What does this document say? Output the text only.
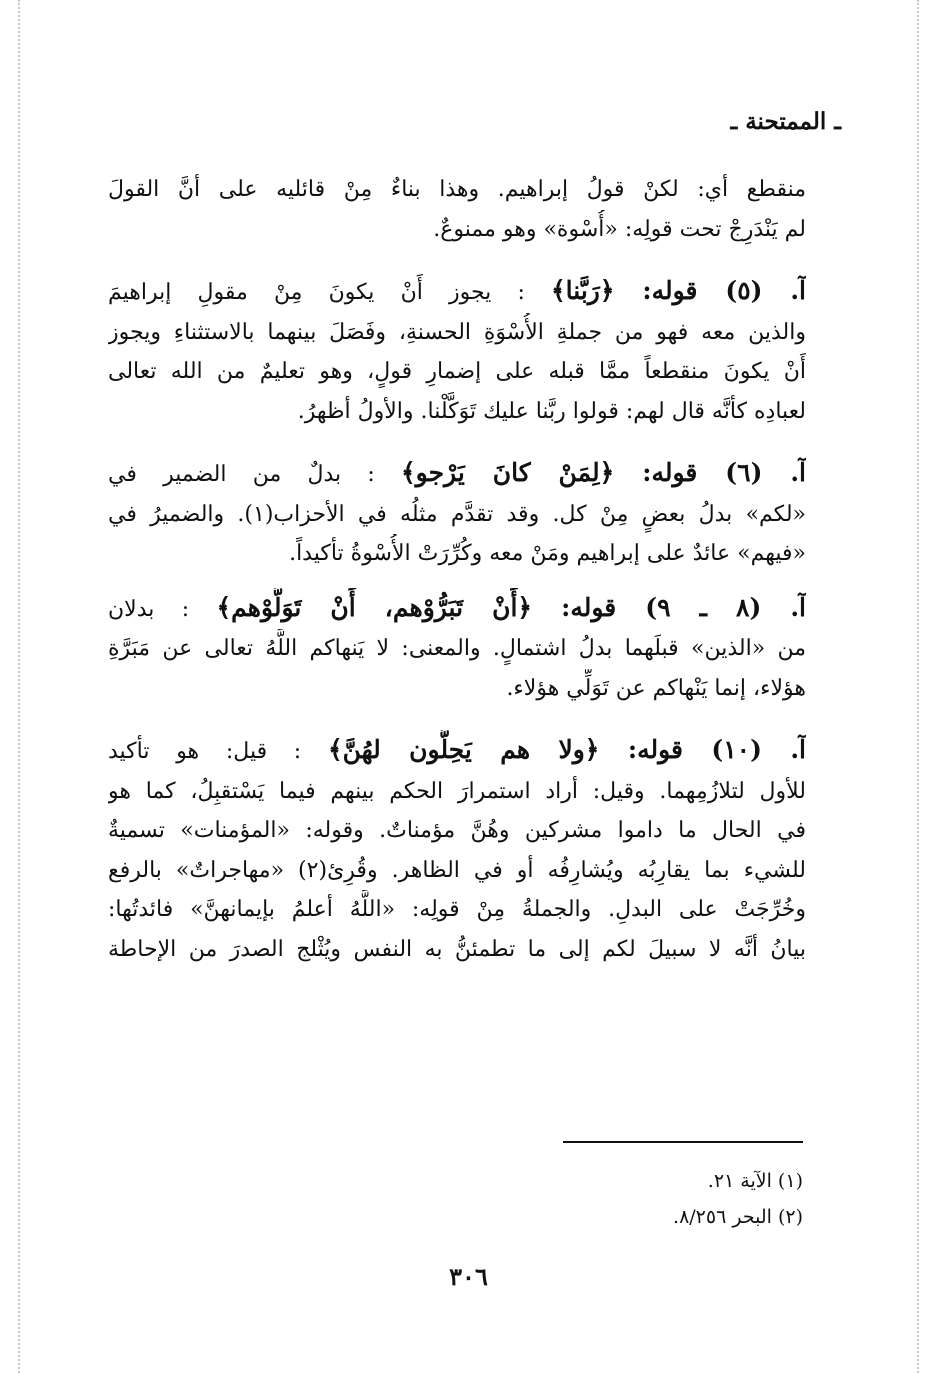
ـ الممتحنة ـ

منقطع أي: لكنْ قولُ إبراهيم. وهذا بناءٌ مِنْ قائليه على أنَّ القولَ
لم يَنْدَرِجْ تحت قولِه: «أُسْوة» وهو ممنوعٌ.

آ. (٥) قوله: ﴿رَبَّنا﴾ : يجوز أَنْ يكونَ مِنْ مقولِ إبراهيمَ
والذين معه فهو من جملةِ الأُسْوَةِ الحسنةِ، وفَصَلَ بينهما بالاستثناءِ ويجوز
أَنْ يكونَ منقطعاً ممَّا قبله على إضمارِ قولٍ، وهو تعليمٌ من الله تعالى
لعبادِه كأنَّه قال لهم: قولوا ربَّنا عليك تَوَكَّلْنا. والأولُ أظهرُ.

آ. (٦) قوله: ﴿لِمَنْ كانَ يَرْجو﴾ : بدلٌ من الضمير في
«لكم» بدلُ بعضٍ مِنْ كل. وقد تقدَّم مثلُه في الأحزاب(١). والضميرُ في
«فيهم» عائدٌ على إبراهيم ومَنْ معه وكُرِّرَتْ الأُسْوةُ تأكيداً.

آ. (٨ ـ ٩) قوله: ﴿أَنْ تَبَرُّوْهم، أَنْ تَوَلَّوْهم﴾ : بدلان
من «الذين» قبلَهما بدلُ اشتمالٍ. والمعنى: لا يَنهاكم اللَّهُ تعالى عن مَبَرَّةِ
هؤلاء، إنما يَنْهاكم عن تَوَلِّي هؤلاء.

آ. (١٠) قوله: ﴿ولا هم يَحِلُّون لهُنَّ﴾ : قيل: هو تأكيد
للأول لتلازُمِهما. وقيل: أراد استمرارَ الحكم بينهم فيما يَسْتقبِلُ، كما هو
في الحال ما داموا مشركين وهُنَّ مؤمناتٌ. وقوله: «المؤمنات» تسميةٌ
للشيء بما يقارِبُه ويُشارِفُه أو في الظاهر. وقُرِئ(٢) «مهاجراتٌ» بالرفع
وخُرِّجَتْ على البدلِ. والجملةُ مِنْ قولِه: «اللَّهُ أعلمُ بإيمانهنَّ» فائدتُها:
بيانُ أنَّه لا سبيلَ لكم إلى ما تطمئنُّ به النفس ويُثْلج الصدرَ من الإحاطة

(١) الآية ٢١.
(٢) البحر ٨/٢٥٦.
٣٠٦
